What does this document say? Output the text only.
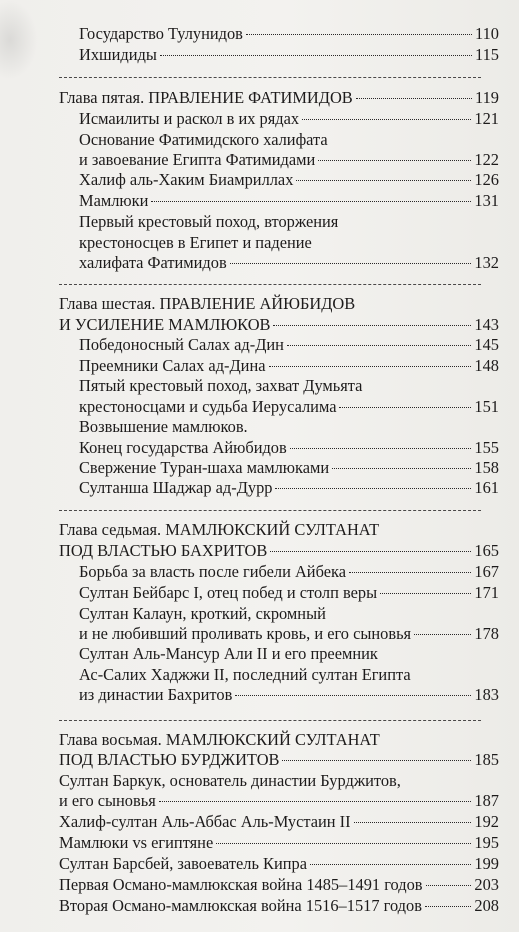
Государство Тулунидов	110
Ихшидиды	115
Глава пятая. ПРАВЛЕНИЕ ФАТИМИДОВ	119
Исмаилиты и раскол в их рядах	121
Основание Фатимидского халифата
и завоевание Египта Фатимидами	122
Халиф аль-Хаким Биамриллах	126
Мамлюки	131
Первый крестовый поход, вторжения
крестоносцев в Египет и падение
халифата Фатимидов	132
Глава шестая. ПРАВЛЕНИЕ АЙЮБИДОВ
И УСИЛЕНИЕ МАМЛЮКОВ	143
Победоносный Салах ад-Дин	145
Преемники Салах ад-Дина	148
Пятый крестовый поход, захват Думьята
крестоносцами и судьба Иерусалима	151
Возвышение мамлюков.
Конец государства Айюбидов	155
Свержение Туран-шаха мамлюками	158
Султанша Шаджар ад-Дурр	161
Глава седьмая. МАМЛЮКСКИЙ СУЛТАНАТ
ПОД ВЛАСТЬЮ БАХРИТОВ	165
Борьба за власть после гибели Айбека	167
Султан Бейбарс I, отец побед и столп веры	171
Султан Калаун, кроткий, скромный
и не любивший проливать кровь, и его сыновья	178
Султан Аль-Мансур Али II и его преемник
Ас-Салих Хаджжи II, последний султан Египта
из династии Бахритов	183
Глава восьмая. МАМЛЮКСКИЙ СУЛТАНАТ
ПОД ВЛАСТЬЮ БУРДЖИТОВ	185
Султан Баркук, основатель династии Бурджитов,
и его сыновья	187
Халиф-султан Аль-Аббас Аль-Мустаин II	192
Мамлюки vs египтяне	195
Султан Барсбей, завоеватель Кипра	199
Первая Османо-мамлюкская война 1485–1491 годов	203
Вторая Османо-мамлюкская война 1516–1517 годов	208
